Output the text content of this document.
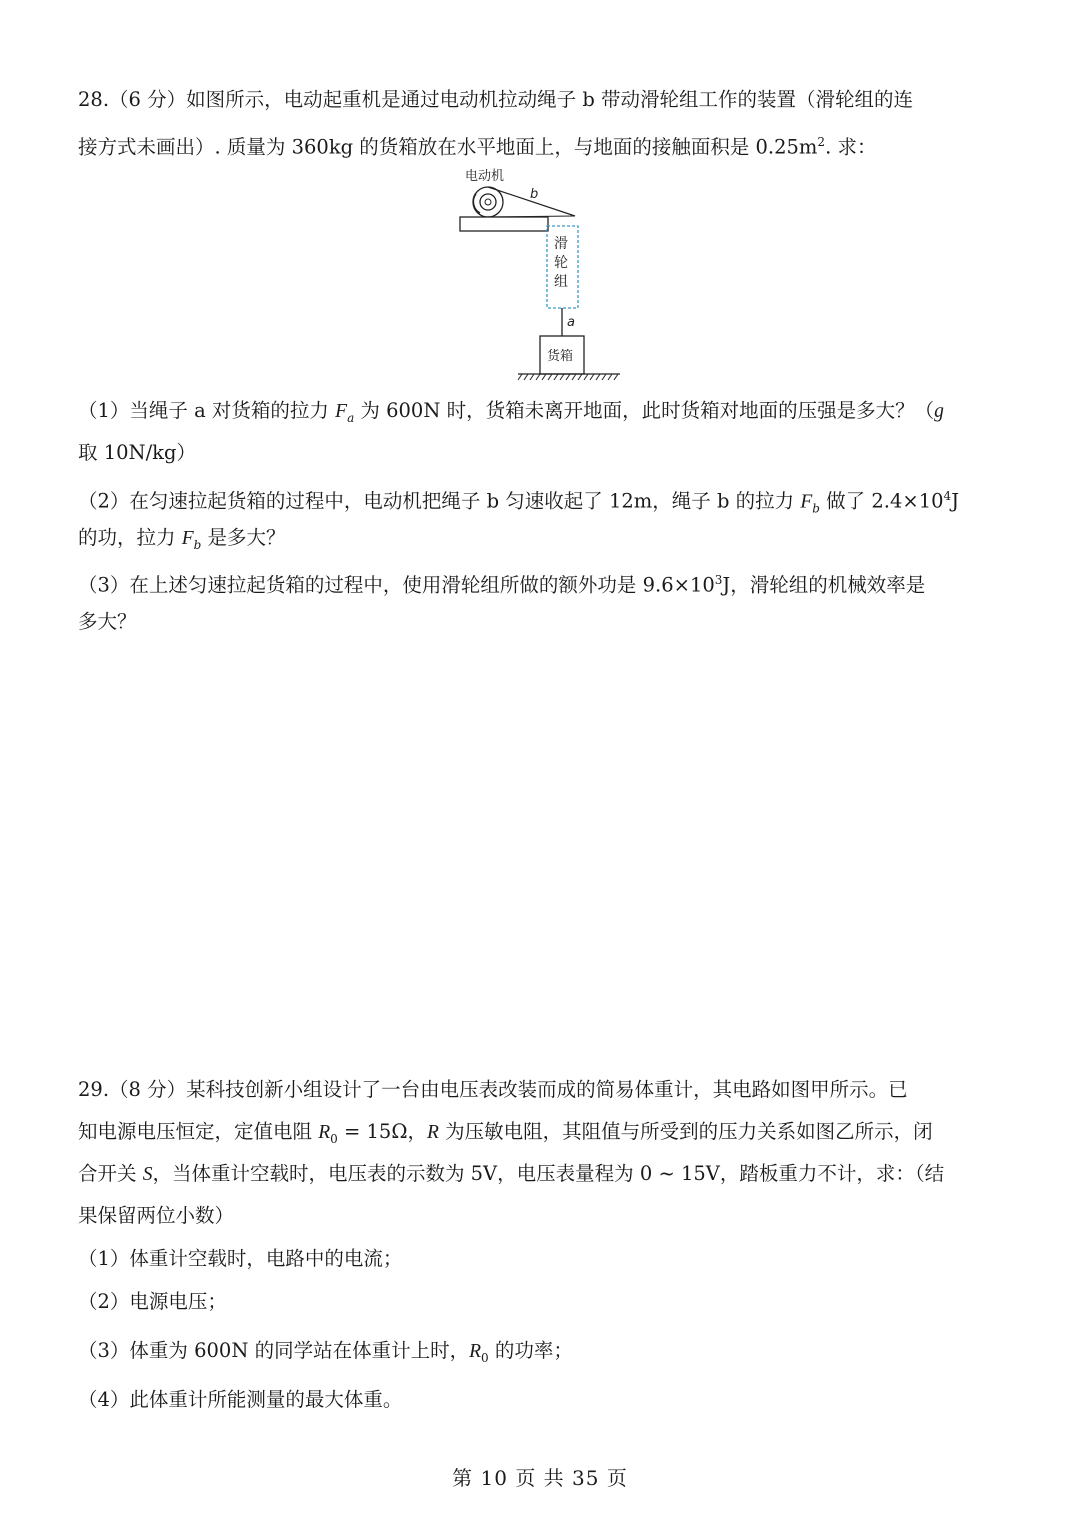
28.（6 分）如图所示，电动起重机是通过电动机拉动绳子 b 带动滑轮组工作的装置（滑轮组的连
接方式未画出）. 质量为 360kg 的货箱放在水平地面上，与地面的接触面积是 $0.25m^2$. 求：
电动机
b
滑
轮
组
a
货箱
（1）当绳子 a 对货箱的拉力 $F_a$ 为 600N 时，货箱未离开地面，此时货箱对地面的压强是多大？（g
取 10N/kg）
（2）在匀速拉起货箱的过程中，电动机把绳子 b 匀速收起了 12m，绳子 b 的拉力 $F_b$ 做了 $2.4\times 10^4J$
的功，拉力 $F_b$ 是多大？
（3）在上述匀速拉起货箱的过程中，使用滑轮组所做的额外功是 $9.6\times 10^3J$，滑轮组的机械效率是
多大？
29.（8 分）某科技创新小组设计了一台由电压表改装而成的简易体重计，其电路如图甲所示。已
知电源电压恒定，定值电阻 $R_0 = 15\Omega$，R 为压敏电阻，其阻值与所受到的压力关系如图乙所示，闭
合开关 S，当体重计空载时，电压表的示数为 5V，电压表量程为 0 ~ 15V，踏板重力不计，求：（结
果保留两位小数）
（1）体重计空载时，电路中的电流；
（2）电源电压；
（3）体重为 600N 的同学站在体重计上时，$R_0$ 的功率；
（4）此体重计所能测量的最大体重。
第 10 页 共 35 页
